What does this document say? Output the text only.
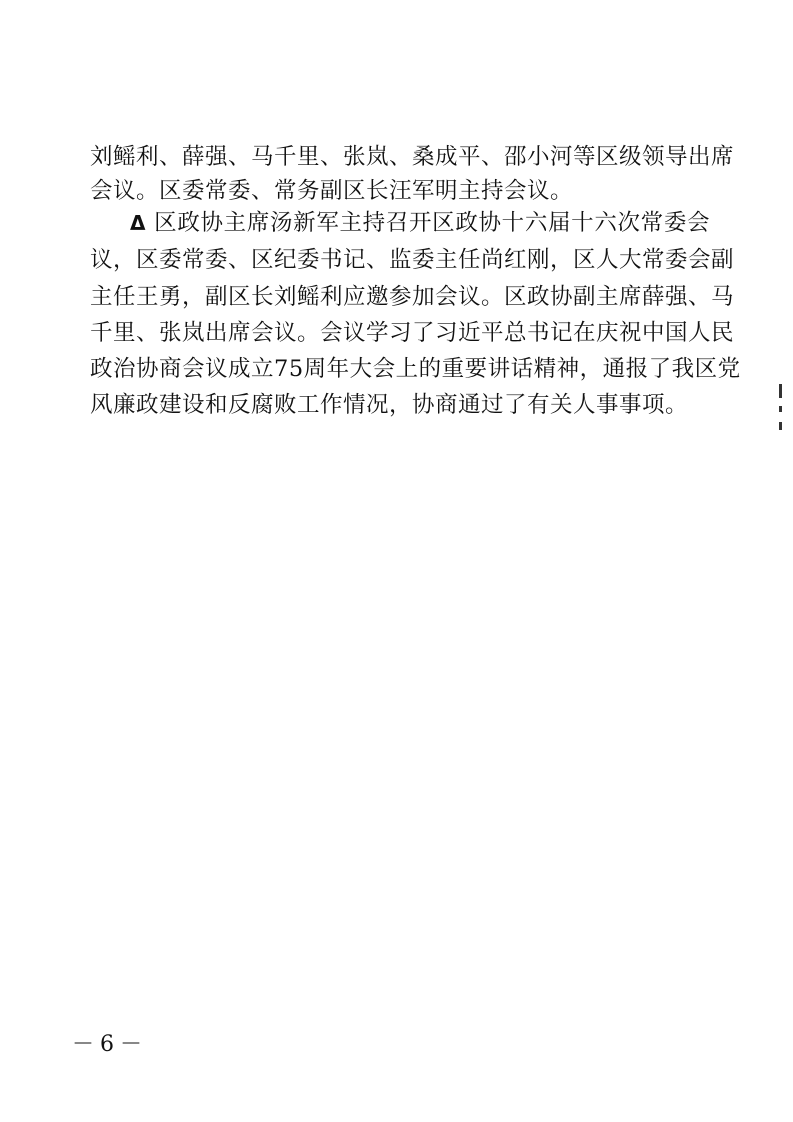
刘鳐利、薛强、马千里、张岚、桑成平、邵小河等区级领导出席
会议。区委常委、常务副区长汪军明主持会议。
Δ 区政协主席汤新军主持召开区政协十六届十六次常委会
议，区委常委、区纪委书记、监委主任尚红刚，区人大常委会副
主任王勇，副区长刘鳐利应邀参加会议。区政协副主席薛强、马
千里、张岚出席会议。会议学习了习近平总书记在庆祝中国人民
政治协商会议成立75周年大会上的重要讲话精神，通报了我区党
风廉政建设和反腐败工作情况，协商通过了有关人事事项。
－6－
